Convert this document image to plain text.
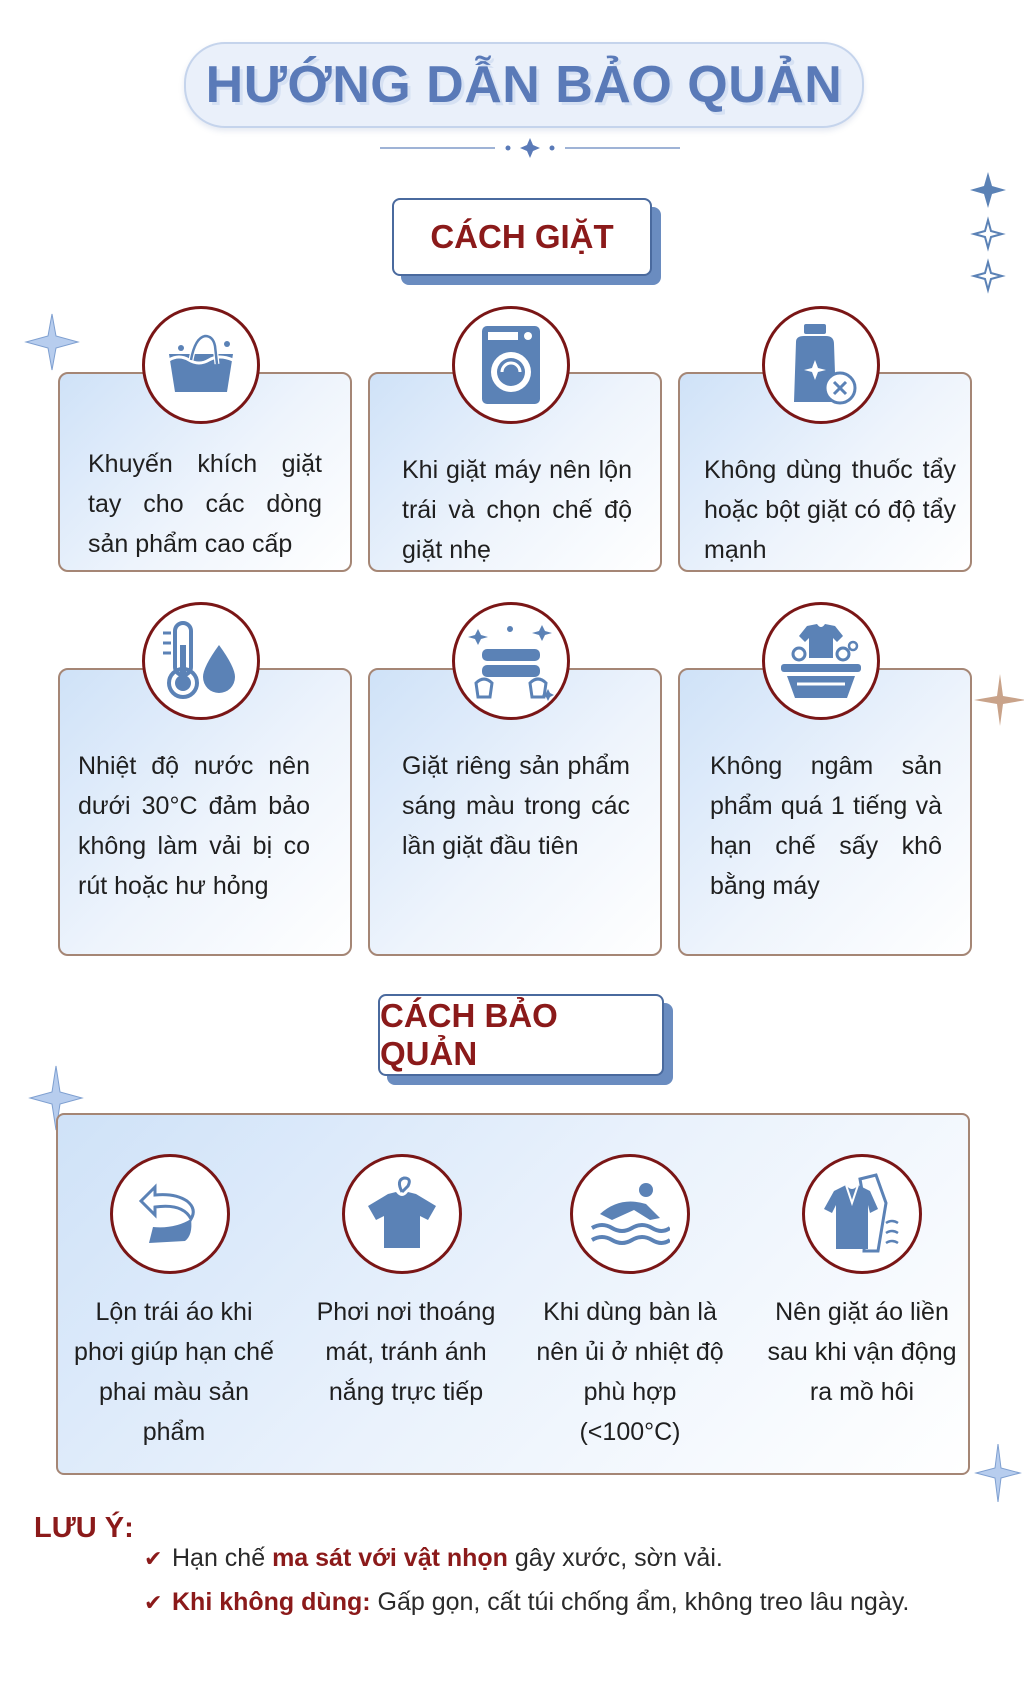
HƯỚNG DẪN BẢO QUẢN
CÁCH GIẶT
Khuyến khích giặt tay cho các dòng sản phẩm cao cấp
Khi giặt máy nên lộn trái và chọn chế độ giặt nhẹ
Không dùng thuốc tẩy hoặc bột giặt có độ tẩy mạnh
Nhiệt độ nước nên dưới 30°C đảm bảo không làm vải bị co rút hoặc hư hỏng
Giặt riêng sản phẩm sáng màu trong các lần giặt đầu tiên
Không ngâm sản phẩm quá 1 tiếng và hạn chế sấy khô bằng máy
CÁCH BẢO QUẢN
Lộn trái áo khi phơi giúp hạn chế phai màu sản phẩm
Phơi nơi thoáng mát, tránh ánh nắng trực tiếp
Khi dùng bàn là nên ủi ở nhiệt độ phù hợp (<100°C)
Nên giặt áo liền sau khi vận động ra mồ hôi
LƯU Ý:
✔ Hạn chế ma sát với vật nhọn gây xước, sờn vải.
✔ Khi không dùng: Gấp gọn, cất túi chống ẩm, không treo lâu ngày.
